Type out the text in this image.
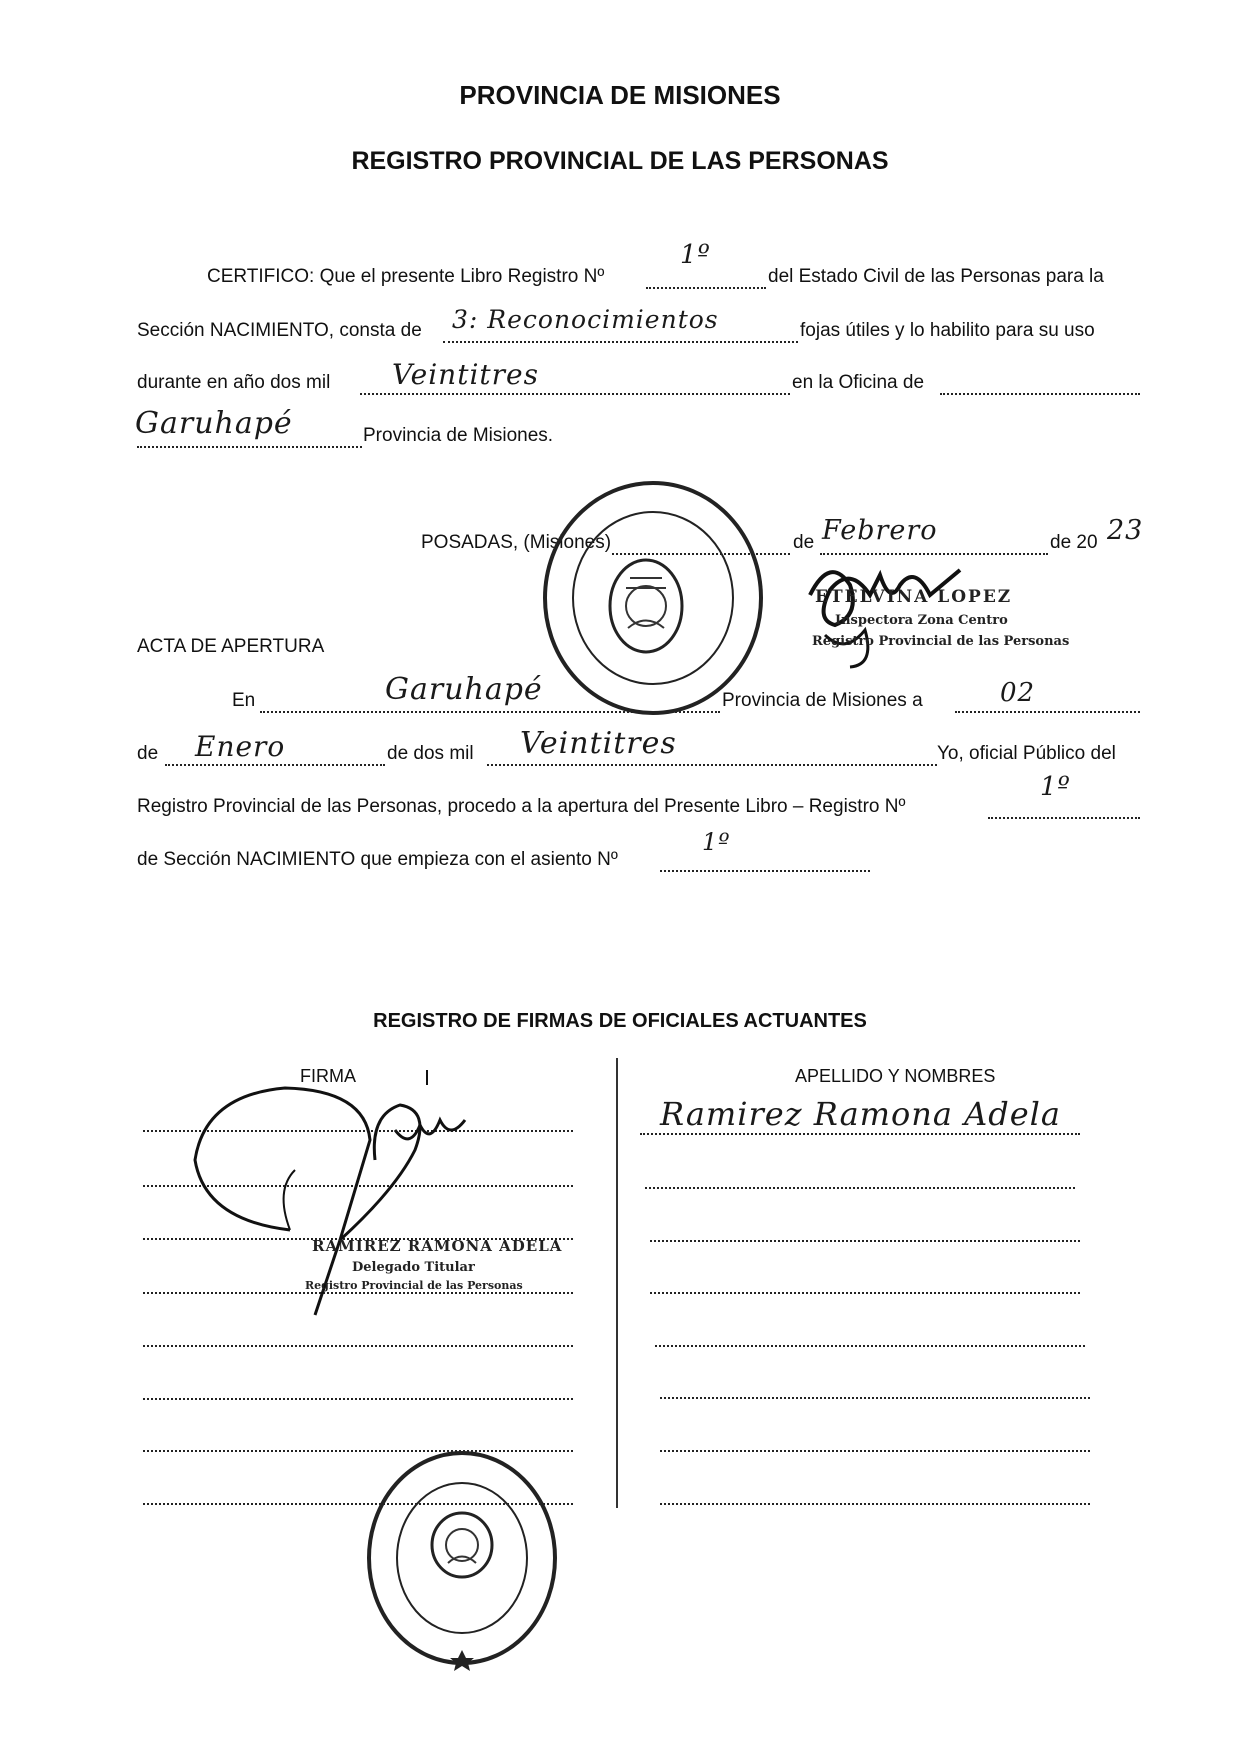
PROVINCIA DE MISIONES
REGISTRO PROVINCIAL DE LAS PERSONAS
CERTIFICO: Que el presente Libro Registro Nº
1º
del Estado Civil de las Personas para la
Sección NACIMIENTO, consta de 3: Reconocimientos	fojas útiles y lo habilito para su uso
durante en año dos mil Veintitres	en la Oficina de
Garuhapé	Provincia de Misiones.
POSADAS, (Misiones)	de Febrero	de 20 23
ETELVINA LOPEZ
Inspectora Zona Centro
Registro Provincial de las Personas
ACTA DE APERTURA
En	Garuhapé	Provincia de Misiones a	02
de Enero	de dos mil Veintitres	Yo, oficial Público del
Registro Provincial de las Personas, procedo a la apertura del Presente Libro – Registro Nº
1º
de Sección NACIMIENTO que empieza con el asiento Nº
1º
REGISTRO DE FIRMAS DE OFICIALES ACTUANTES
FIRMA	APELLIDO Y NOMBRES
Ramirez Ramona Adela
RAMIREZ RAMONA ADELA
Delegado Titular
Registro Provincial de las Personas
